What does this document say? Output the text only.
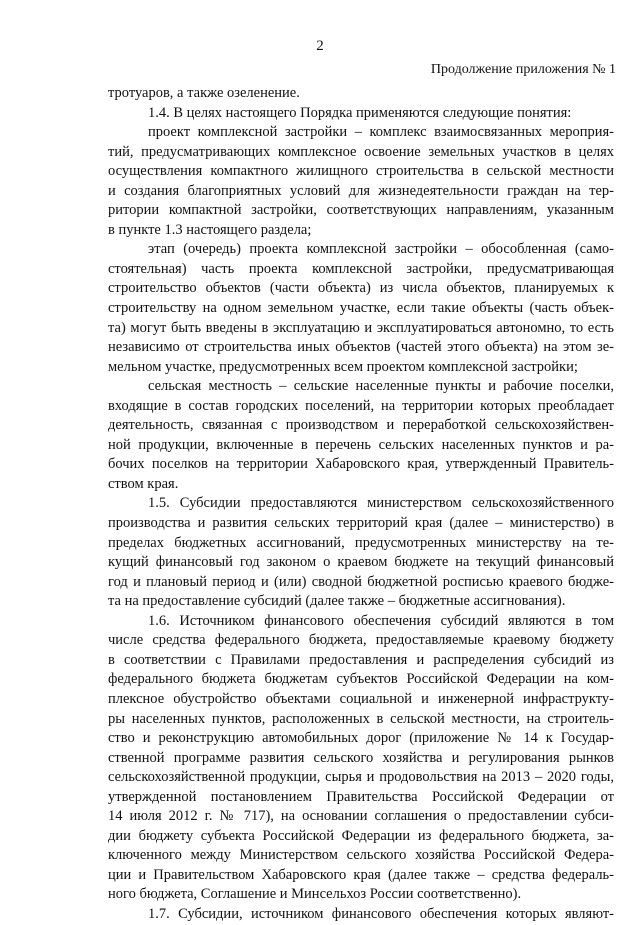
2
Продолжение приложения № 1
тротуаров, а также озеленение.
1.4. В целях настоящего Порядка применяются следующие понятия:
проект комплексной застройки – комплекс взаимосвязанных мероприя-
тий, предусматривающих комплексное освоение земельных участков в целях
осуществления компактного жилищного строительства в сельской местности
и создания благоприятных условий для жизнедеятельности граждан на тер-
ритории компактной застройки, соответствующих направлениям, указанным
в пункте 1.3 настоящего раздела;
этап (очередь) проекта комплексной застройки – обособленная (само-
стоятельная) часть проекта комплексной застройки, предусматривающая
строительство объектов (части объекта) из числа объектов, планируемых к
строительству на одном земельном участке, если такие объекты (часть объек-
та) могут быть введены в эксплуатацию и эксплуатироваться автономно, то есть
независимо от строительства иных объектов (частей этого объекта) на этом зе-
мельном участке, предусмотренных всем проектом комплексной застройки;
сельская местность – сельские населенные пункты и рабочие поселки,
входящие в состав городских поселений, на территории которых преобладает
деятельность, связанная с производством и переработкой сельскохозяйствен-
ной продукции, включенные в перечень сельских населенных пунктов и ра-
бочих поселков на территории Хабаровского края, утвержденный Правитель-
ством края.
1.5. Субсидии предоставляются министерством сельскохозяйственного
производства и развития сельских территорий края (далее – министерство) в
пределах бюджетных ассигнований, предусмотренных министерству на те-
кущий финансовый год законом о краевом бюджете на текущий финансовый
год и плановый период и (или) сводной бюджетной росписью краевого бюдже-
та на предоставление субсидий (далее также – бюджетные ассигнования).
1.6. Источником финансового обеспечения субсидий являются в том
числе средства федерального бюджета, предоставляемые краевому бюджету
в соответствии с Правилами предоставления и распределения субсидий из
федерального бюджета бюджетам субъектов Российской Федерации на ком-
плексное обустройство объектами социальной и инженерной инфраструкту-
ры населенных пунктов, расположенных в сельской местности, на строитель-
ство и реконструкцию автомобильных дорог (приложение № 14 к Государ-
ственной программе развития сельского хозяйства и регулирования рынков
сельскохозяйственной продукции, сырья и продовольствия на 2013 – 2020 годы,
утвержденной постановлением Правительства Российской Федерации от
14 июля 2012 г. № 717), на основании соглашения о предоставлении субси-
дии бюджету субъекта Российской Федерации из федерального бюджета, за-
ключенного между Министерством сельского хозяйства Российской Федера-
ции и Правительством Хабаровского края (далее также – средства федераль-
ного бюджета, Соглашение и Минсельхоз России соответственно).
1.7. Субсидии, источником финансового обеспечения которых являют-
